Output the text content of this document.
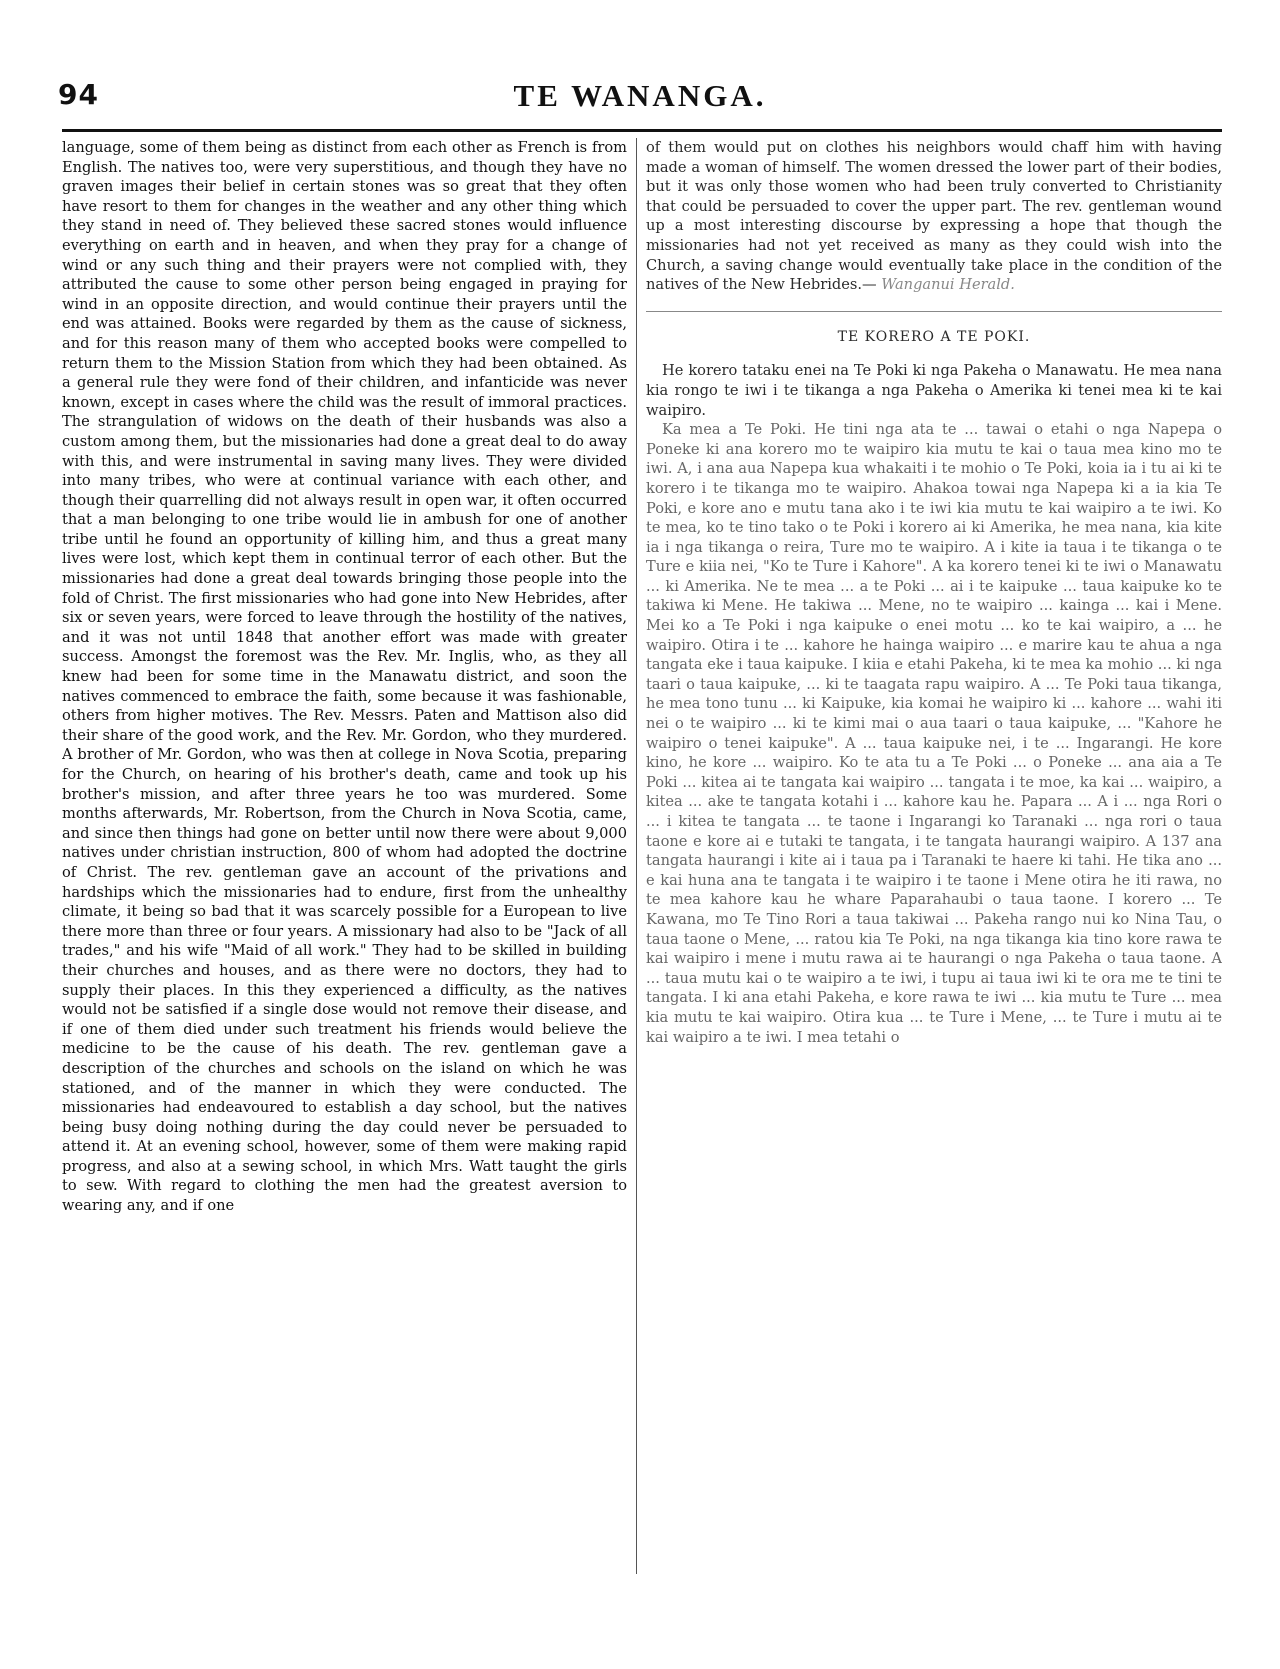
94	TE WANANGA.

language, some of them being as distinct from each other as French is from English. The natives too, were very superstitious, and though they have no graven images their belief in certain stones was so great that they often have resort to them for changes in the weather and any other thing which they stand in need of. They believed these sacred stones would influence everything on earth and in heaven, and when they pray for a change of wind or any such thing and their prayers were not complied with, they attributed the cause to some other person being engaged in praying for wind in an opposite direction, and would continue their prayers until the end was attained. Books were regarded by them as the cause of sickness, and for this reason many of them who accepted books were compelled to return them to the Mission Station from which they had been obtained. As a general rule they were fond of their children, and infanticide was never known, except in cases where the child was the result of immoral practices. The strangulation of widows on the death of their husbands was also a custom among them, but the missionaries had done a great deal to do away with this, and were instrumental in saving many lives. They were divided into many tribes, who were at continual variance with each other, and though their quarrelling did not always result in open war, it often occurred that a man belonging to one tribe would lie in ambush for one of another tribe until he found an opportunity of killing him, and thus a great many lives were lost, which kept them in continual terror of each other. But the missionaries had done a great deal towards bringing those people into the fold of Christ. The first missionaries who had gone into New Hebrides, after six or seven years, were forced to leave through the hostility of the natives, and it was not until 1848 that another effort was made with greater success. Amongst the foremost was the Rev. Mr. Inglis, who, as they all knew had been for some time in the Manawatu district, and soon the natives commenced to embrace the faith, some because it was fashionable, others from higher motives. The Rev. Messrs. Paten and Mattison also did their share of the good work, and the Rev. Mr. Gordon, who they murdered. A brother of Mr. Gordon, who was then at college in Nova Scotia, preparing for the Church, on hearing of his brother's death, came and took up his brother's mission, and after three years he too was murdered. Some months afterwards, Mr. Robertson, from the Church in Nova Scotia, came, and since then things had gone on better until now there were about 9,000 natives under christian instruction, 800 of whom had adopted the doctrine of Christ. The rev. gentleman gave an account of the privations and hardships which the missionaries had to endure, first from the unhealthy climate, it being so bad that it was scarcely possible for a European to live there more than three or four years. A missionary had also to be "Jack of all trades," and his wife "Maid of all work." They had to be skilled in building their churches and houses, and as there were no doctors, they had to supply their places. In this they experienced a difficulty, as the natives would not be satisfied if a single dose would not remove their disease, and if one of them died under such treatment his friends would believe the medicine to be the cause of his death. The rev. gentleman gave a description of the churches and schools on the island on which he was stationed, and of the manner in which they were conducted. The missionaries had endeavoured to establish a day school, but the natives being busy doing nothing during the day could never be persuaded to attend it. At an evening school, however, some of them were making rapid progress, and also at a sewing school, in which Mrs. Watt taught the girls to sew. With regard to clothing the men had the greatest aversion to wearing any, and if one

of them would put on clothes his neighbors would chaff him with having made a woman of himself. The women dressed the lower part of their bodies, but it was only those women who had been truly converted to Christianity that could be persuaded to cover the upper part. The rev. gentleman wound up a most interesting discourse by expressing a hope that though the missionaries had not yet received as many as they could wish into the Church, a saving change would eventually take place in the condition of the natives of the New Hebrides.— Wanganui Herald.

TE KORERO A TE POKI.

He korero tataku enei na Te Poki ki nga Pakeha o Manawatu. He mea nana kia rongo te iwi i te tikanga a nga Pakeha o Amerika ki tenei mea ki te kai waipiro.

Ka mea a Te Poki. He tini nga ata te ... tawai o etahi o nga Napepa o Poneke ki ana korero mo te waipiro kia mutu te kai o taua mea kino mo te iwi. A, i ana aua Napepa kua whakaiti i te mohio o Te Poki, koia ia i tu ai ki te korero i te tikanga mo te waipiro. Ahakoa towai nga Napepa ki a ia kia Te Poki, e kore ano e mutu tana ako i te iwi kia mutu te kai waipiro a te iwi. Ko te mea, ko te tino tako o te Poki i korero ai ki Amerika, he mea nana, kia kite ia i nga tikanga o reira, Ture mo te waipiro. A i kite ia taua i te tikanga o te Ture e kiia nei, "Ko te Ture i Kahore". A ka korero tenei ki te iwi o Manawatu ... ki Amerika. Ne te mea ... a te Poki ... ai i te kaipuke ... taua kaipuke ko te takiwa ki Mene. He takiwa ... Mene, no te waipiro ... kainga ... kai i Mene. Mei ko a Te Poki i nga kaipuke o enei motu ... ko te kai waipiro, a ... he waipiro. Otira i te ... kahore he hainga waipiro ... e marire kau te ahua a nga tangata eke i taua kaipuke. I kiia e etahi Pakeha, ki te mea ka mohio ... ki nga taari o taua kaipuke, ... ki te taagata rapu waipiro. A ... Te Poki taua tikanga, he mea tono tunu ... ki Kaipuke, kia komai he waipiro ki ... kahore ... wahi iti nei o te waipiro ... ki te kimi mai o aua taari o taua kaipuke, ... "Kahore he waipiro o tenei kaipuke". A ... taua kaipuke nei, i te ... Ingarangi. He kore kino, he kore ... waipiro. Ko te ata tu a Te Poki ... o Poneke ... ana aia a Te Poki ... kitea ai te tangata kai waipiro ... tangata i te moe, ka kai ... waipiro, a kitea ... ake te tangata kotahi i ... kahore kau he. Papara ... A i ... nga Rori o ... i kitea te tangata ... te taone i Ingarangi ko Taranaki ... nga rori o taua taone e kore ai e tutaki te tangata, i te tangata haurangi waipiro. A 137 ana tangata haurangi i kite ai i taua pa i Taranaki te haere ki tahi. He tika ano ... e kai huna ana te tangata i te waipiro i te taone i Mene otira he iti rawa, no te mea kahore kau he whare Paparahaubi o taua taone. I korero ... Te Kawana, mo Te Tino Rori a taua takiwai ... Pakeha rango nui ko Nina Tau, o taua taone o Mene, ... ratou kia Te Poki, na nga tikanga kia tino kore rawa te kai waipiro i mene i mutu rawa ai te haurangi o nga Pakeha o taua taone. A ... taua mutu kai o te waipiro a te iwi, i tupu ai taua iwi ki te ora me te tini te tangata. I ki ana etahi Pakeha, e kore rawa te iwi ... kia mutu te Ture ... mea kia mutu te kai waipiro. Otira kua ... te Ture i Mene, ... te Ture i mutu ai te kai waipiro a te iwi. I mea tetahi o
